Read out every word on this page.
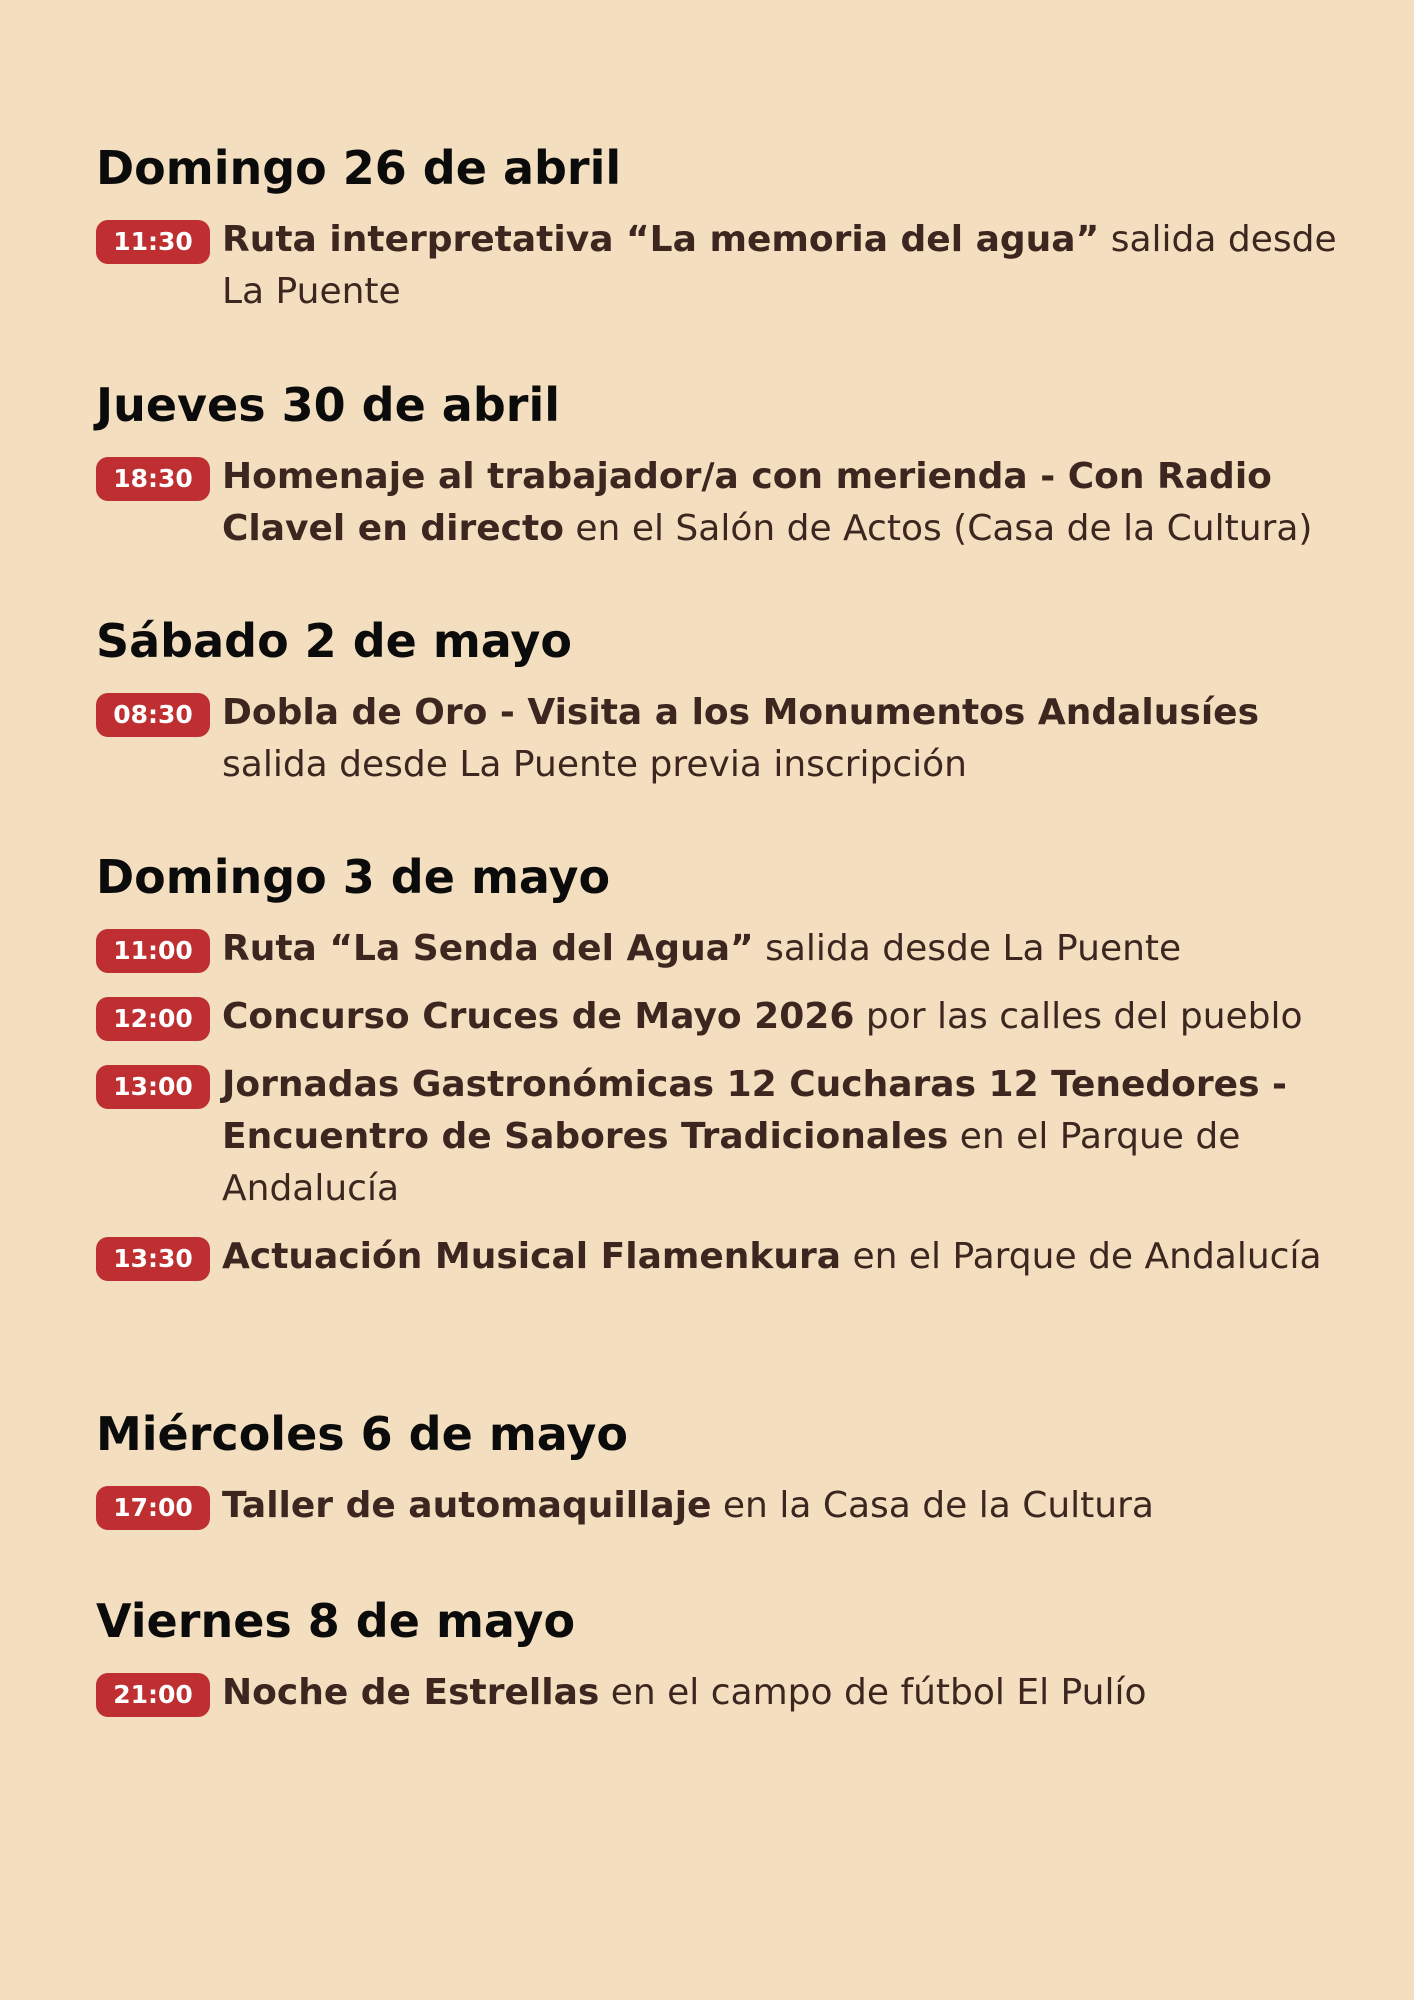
Domingo 26 de abril
11:30 Ruta interpretativa “La memoria del agua” salida desde La Puente
Jueves 30 de abril
18:30 Homenaje al trabajador/a con merienda - Con Radio Clavel en directo en el Salón de Actos (Casa de la Cultura)
Sábado 2 de mayo
08:30 Dobla de Oro - Visita a los Monumentos Andalusíes salida desde La Puente previa inscripción
Domingo 3 de mayo
11:00 Ruta “La Senda del Agua” salida desde La Puente
12:00 Concurso Cruces de Mayo 2026 por las calles del pueblo
13:00 Jornadas Gastronómicas 12 Cucharas 12 Tenedores - Encuentro de Sabores Tradicionales en el Parque de Andalucía
13:30 Actuación Musical Flamenkura en el Parque de Andalucía
Miércoles 6 de mayo
17:00 Taller de automaquillaje en la Casa de la Cultura
Viernes 8 de mayo
21:00 Noche de Estrellas en el campo de fútbol El Pulío
